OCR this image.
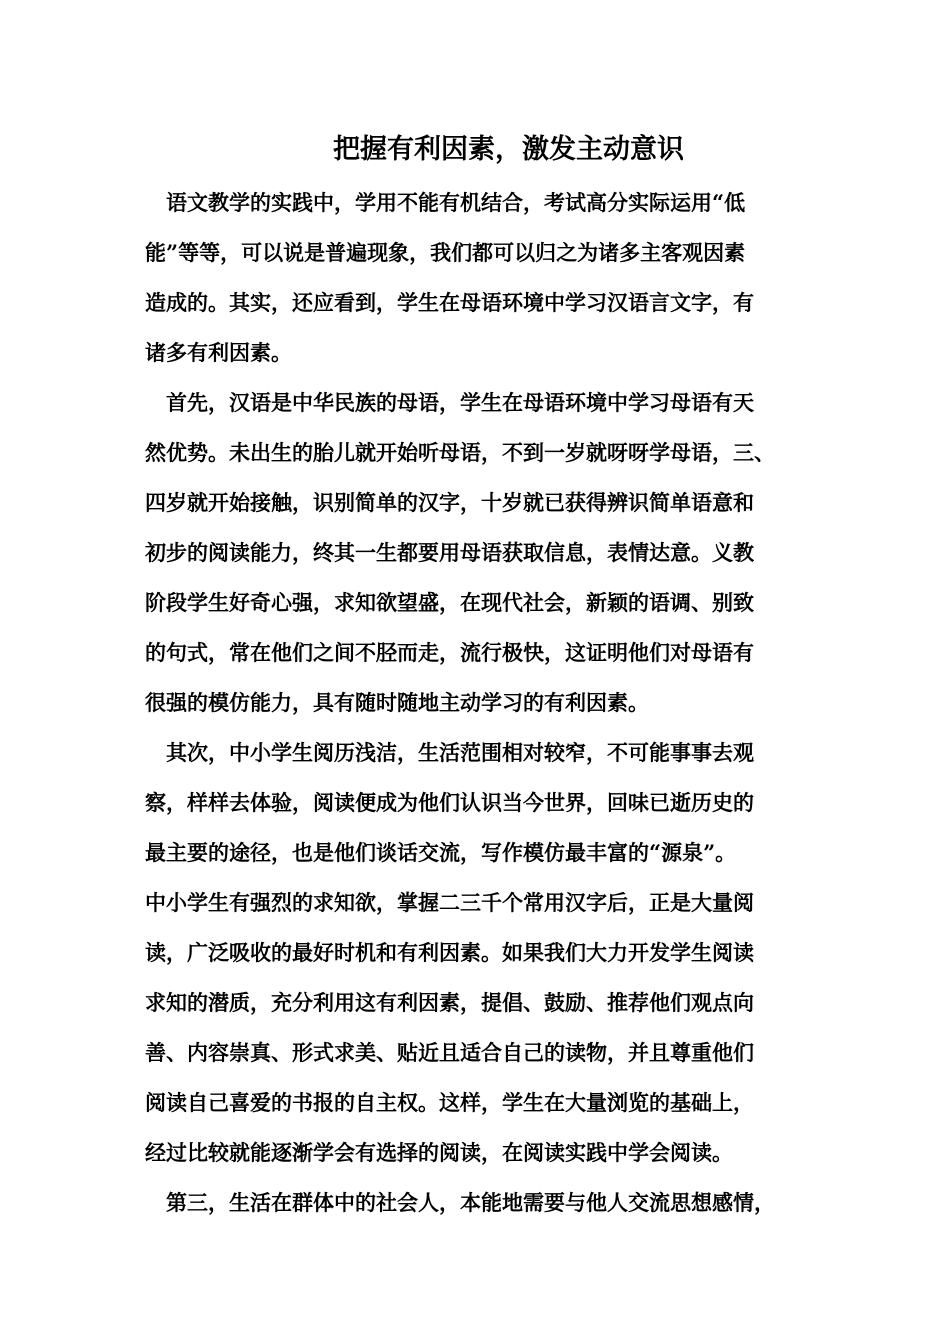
把握有利因素，激发主动意识
语文教学的实践中，学用不能有机结合，考试高分实际运用“低
能”等等，可以说是普遍现象，我们都可以归之为诸多主客观因素
造成的。其实，还应看到，学生在母语环境中学习汉语言文字，有
诸多有利因素。
首先，汉语是中华民族的母语，学生在母语环境中学习母语有天
然优势。未出生的胎儿就开始听母语，不到一岁就呀呀学母语，三、
四岁就开始接触，识别简单的汉字，十岁就已获得辨识简单语意和
初步的阅读能力，终其一生都要用母语获取信息，表情达意。义教
阶段学生好奇心强，求知欲望盛，在现代社会，新颖的语调、别致
的句式，常在他们之间不胫而走，流行极快，这证明他们对母语有
很强的模仿能力，具有随时随地主动学习的有利因素。
其次，中小学生阅历浅洁，生活范围相对较窄，不可能事事去观
察，样样去体验，阅读便成为他们认识当今世界，回味已逝历史的
最主要的途径，也是他们谈话交流，写作模仿最丰富的“源泉”。
中小学生有强烈的求知欲，掌握二三千个常用汉字后，正是大量阅
读，广泛吸收的最好时机和有利因素。如果我们大力开发学生阅读
求知的潜质，充分利用这有利因素，提倡、鼓励、推荐他们观点向
善、内容崇真、形式求美、贴近且适合自己的读物，并且尊重他们
阅读自己喜爱的书报的自主权。这样，学生在大量浏览的基础上，
经过比较就能逐渐学会有选择的阅读，在阅读实践中学会阅读。
第三，生活在群体中的社会人，本能地需要与他人交流思想感情，
